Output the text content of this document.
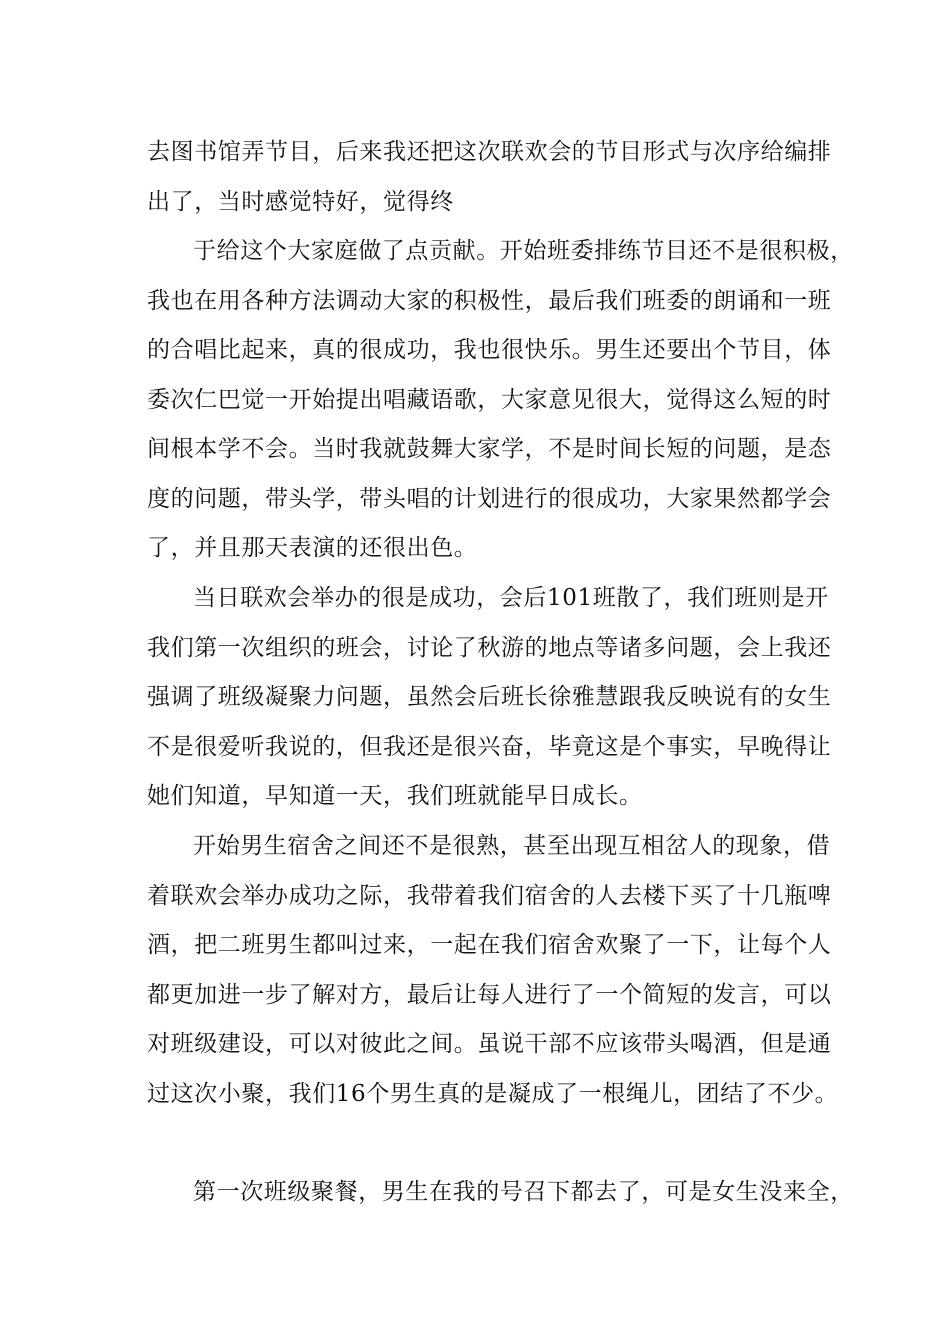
去图书馆弄节目，后来我还把这次联欢会的节目形式与次序给编排
出了，当时感觉特好，觉得终

于给这个大家庭做了点贡献。开始班委排练节目还不是很积极，
我也在用各种方法调动大家的积极性，最后我们班委的朗诵和一班
的合唱比起来，真的很成功，我也很快乐。男生还要出个节目，体
委次仁巴觉一开始提出唱藏语歌，大家意见很大，觉得这么短的时
间根本学不会。当时我就鼓舞大家学，不是时间长短的问题，是态
度的问题，带头学，带头唱的计划进行的很成功，大家果然都学会
了，并且那天表演的还很出色。

当日联欢会举办的很是成功，会后101班散了，我们班则是开
我们第一次组织的班会，讨论了秋游的地点等诸多问题，会上我还
强调了班级凝聚力问题，虽然会后班长徐雅慧跟我反映说有的女生
不是很爱听我说的，但我还是很兴奋，毕竟这是个事实，早晚得让
她们知道，早知道一天，我们班就能早日成长。

开始男生宿舍之间还不是很熟，甚至出现互相岔人的现象，借
着联欢会举办成功之际，我带着我们宿舍的人去楼下买了十几瓶啤
酒，把二班男生都叫过来，一起在我们宿舍欢聚了一下，让每个人
都更加进一步了解对方，最后让每人进行了一个简短的发言，可以
对班级建设，可以对彼此之间。虽说干部不应该带头喝酒，但是通
过这次小聚，我们16个男生真的是凝成了一根绳儿，团结了不少。

第一次班级聚餐，男生在我的号召下都去了，可是女生没来全，
